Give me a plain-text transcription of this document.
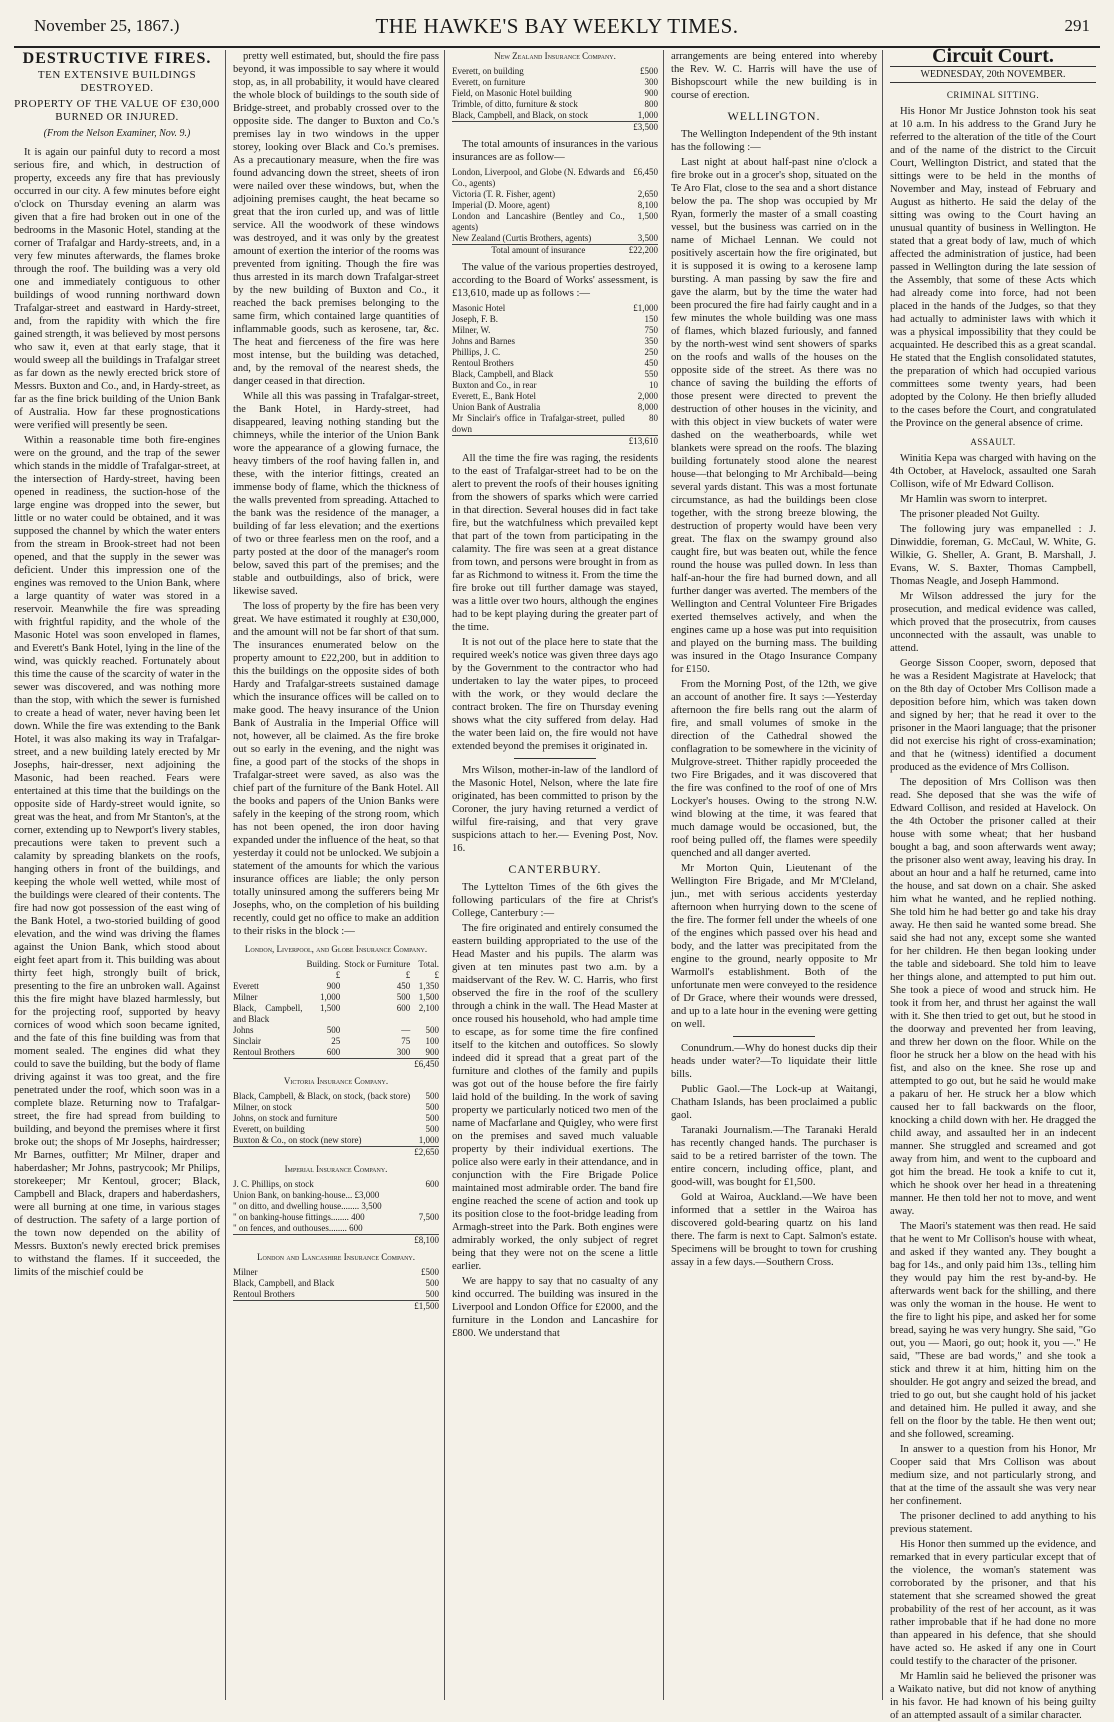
November 25, 1867.)	THE HAWKE'S BAY WEEKLY TIMES.	291
DESTRUCTIVE FIRES.
TEN EXTENSIVE BUILDINGS DESTROYED.
PROPERTY OF THE VALUE OF £30,000 BURNED OR INJURED.
(From the Nelson Examiner, Nov. 9.)

It is again our painful duty to record a most serious fire, and which, in destruction of property, exceeds any fire that has previously occurred in our city. A few minutes before eight o'clock on Thursday evening an alarm was given that a fire had broken out in one of the bedrooms in the Masonic Hotel, standing at the corner of Trafalgar and Hardy-streets, and, in a very few minutes afterwards, the flames broke through the roof. The building was a very old one and immediately contiguous to other buildings of wood running northward down Trafalgar-street and eastward in Hardy-street, and, from the rapidity with which the fire gained strength, it was believed by most persons who saw it, even at that early stage, that it would sweep all the buildings in Trafalgar street as far down as the newly erected brick store of Messrs. Buxton and Co., and, in Hardy-street, as far as the fine brick building of the Union Bank of Australia. How far these prognostications were verified will presently be seen.

Within a reasonable time both fire-engines were on the ground, and the trap of the sewer which stands in the middle of Trafalgar-street, at the intersection of Hardy-street, having been opened in readiness, the suction-hose of the large engine was dropped into the sewer, but little or no water could be obtained, and it was supposed the channel by which the water enters from the stream in Brook-street had not been opened, and that the supply in the sewer was deficient. Under this impression one of the engines was removed to the Union Bank, where a large quantity of water was stored in a reservoir. Meanwhile the fire was spreading with frightful rapidity, and the whole of the Masonic Hotel was soon enveloped in flames, and Everett's Bank Hotel, lying in the line of the wind, was quickly reached. Fortunately about this time the cause of the scarcity of water in the sewer was discovered, and was nothing more than the stop, with which the sewer is furnished to create a head of water, never having been let down. While the fire was extending to the Bank Hotel, it was also making its way in Trafalgar-street, and a new building lately erected by Mr Josephs, hair-dresser, next adjoining the Masonic, had been reached. Fears were entertained at this time that the buildings on the opposite side of Hardy-street would ignite, so great was the heat, and from Mr Stanton's, at the corner, extending up to Newport's livery stables, precautions were taken to prevent such a calamity by spreading blankets on the roofs, hanging others in front of the buildings, and keeping the whole well wetted, while most of the buildings were cleared of their contents. The fire had now got possession of the east wing of the Bank Hotel, a two-storied building of good elevation, and the wind was driving the flames against the Union Bank, which stood about eight feet apart from it. This building was about thirty feet high, strongly built of brick, presenting to the fire an unbroken wall. Against this the fire might have blazed harmlessly, but for the projecting roof, supported by heavy cornices of wood which soon became ignited, and the fate of this fine building was from that moment sealed. The engines did what they could to save the building, but the body of flame driving against it was too great, and the fire penetrated under the roof, which soon was in a complete blaze. Returning now to Trafalgar-street, the fire had spread from building to building, and beyond the premises where it first broke out; the shops of Mr Josephs, hairdresser; Mr Barnes, outfitter; Mr Milner, draper and haberdasher; Mr Johns, pastrycook; Mr Philips, storekeeper; Mr Kentoul, grocer; Black, Campbell and Black, drapers and haberdashers, were all burning at one time, in various stages of destruction. The safety of a large portion of the town now depended on the ability of Messrs. Buxton's newly erected brick premises to withstand the flames. If it succeeded, the limits of the mischief could be

pretty well estimated, but, should the fire pass beyond, it was impossible to say where it would stop, as, in all probability, it would have cleared the whole block of buildings to the south side of Bridge-street, and probably crossed over to the opposite side. The danger to Buxton and Co.'s premises lay in two windows in the upper storey, looking over Black and Co.'s premises. As a precautionary measure, when the fire was found advancing down the street, sheets of iron were nailed over these windows, but, when the adjoining premises caught, the heat became so great that the iron curled up, and was of little service. All the woodwork of these windows was destroyed, and it was only by the greatest amount of exertion the interior of the rooms was prevented from igniting. Though the fire was thus arrested in its march down Trafalgar-street by the new building of Buxton and Co., it reached the back premises belonging to the same firm, which contained large quantities of inflammable goods, such as kerosene, tar, &c. The heat and fierceness of the fire was here most intense, but the building was detached, and, by the removal of the nearest sheds, the danger ceased in that direction.

While all this was passing in Trafalgar-street, the Bank Hotel, in Hardy-street, had disappeared, leaving nothing standing but the chimneys, while the interior of the Union Bank wore the appearance of a glowing furnace, the heavy timbers of the roof having fallen in, and these, with the interior fittings, created an immense body of flame, which the thickness of the walls prevented from spreading. Attached to the bank was the residence of the manager, a building of far less elevation; and the exertions of two or three fearless men on the roof, and a party posted at the door of the manager's room below, saved this part of the premises; and the stable and outbuildings, also of brick, were likewise saved.

The loss of property by the fire has been very great. We have estimated it roughly at £30,000, and the amount will not be far short of that sum. The insurances enumerated below on the property amount to £22,200, but in addition to this the buildings on the opposite sides of both Hardy and Trafalgar-streets sustained damage which the insurance offices will be called on to make good. The heavy insurance of the Union Bank of Australia in the Imperial Office will not, however, all be claimed. As the fire broke out so early in the evening, and the night was fine, a good part of the stocks of the shops in Trafalgar-street were saved, as also was the chief part of the furniture of the Bank Hotel. All the books and papers of the Union Banks were safely in the keeping of the strong room, which has not been opened, the iron door having expanded under the influence of the heat, so that yesterday it could not be unlocked. We subjoin a statement of the amounts for which the various insurance offices are liable; the only person totally uninsured among the sufferers being Mr Josephs, who, on the completion of his building recently, could get no office to make an addition to their risks in the block :—

London, Liverpool, and Globe Insurance Company.
	Building.	Stock or Furniture	Total.
	£	£	£
Everett	900	450	1,350
Milner	1,000	500	1,500
Black, Campbell, and Black	1,500	600	2,100
Johns	500	—	500
Sinclair	25	75	100
Rentoul Brothers	600	300	900
			£6,450
Victoria Insurance Company.
Black, Campbell, & Black, on stock, (back store)	500
Milner, on stock	500
Johns, on stock and furniture	500
Everett, on building	500
Buxton & Co., on stock (new store)	1,000
	£2,650
Imperial Insurance Company.
J. C. Phillips, on stock	600
Union Bank, on banking-house... £3,000	
" on ditto, and dwelling house........ 3,500	
" on banking-house fittings........ 400	7,500
" on fences, and outhouses........ 600	
	£8,100
London and Lancashire Insurance Company.
Milner	£500
Black, Campbell, and Black	500
Rentoul Brothers	500
	£1,500
New Zealand Insurance Company.
Everett, on building	£500
Everett, on furniture	300
Field, on Masonic Hotel building	900
Trimble, of ditto, furniture & stock	800
Black, Campbell, and Black, on stock	1,000
	£3,500

The total amounts of insurances in the various insurances are as follow—

London, Liverpool, and Globe (N. Edwards and Co., agents)	£6,450
Victoria (T. R. Fisher, agent)	2,650
Imperial (D. Moore, agent)	8,100
London and Lancashire (Bentley and Co., agents)	1,500
New Zealand (Curtis Brothers, agents)	3,500
Total amount of insurance	£22,200

The value of the various properties destroyed, according to the Board of Works' assessment, is £13,610, made up as follows :—

Masonic Hotel	£1,000
Joseph, F. B.	150
Milner, W.	750
Johns and Barnes	350
Phillips, J. C.	250
Rentoul Brothers	450
Black, Campbell, and Black	550
Buxton and Co., in rear	10
Everett, E., Bank Hotel	2,000
Union Bank of Australia	8,000
Mr Sinclair's office in Trafalgar-street, pulled down	80
	£13,610

All the time the fire was raging, the residents to the east of Trafalgar-street had to be on the alert to prevent the roofs of their houses igniting from the showers of sparks which were carried in that direction. Several houses did in fact take fire, but the watchfulness which prevailed kept that part of the town from participating in the calamity. The fire was seen at a great distance from town, and persons were brought in from as far as Richmond to witness it. From the time the fire broke out till further damage was stayed, was a little over two hours, although the engines had to be kept playing during the greater part of the time.

It is not out of the place here to state that the required week's notice was given three days ago by the Government to the contractor who had undertaken to lay the water pipes, to proceed with the work, or they would declare the contract broken. The fire on Thursday evening shows what the city suffered from delay. Had the water been laid on, the fire would not have extended beyond the premises it originated in.

Mrs Wilson, mother-in-law of the landlord of the Masonic Hotel, Nelson, where the late fire originated, has been committed to prison by the Coroner, the jury having returned a verdict of wilful fire-raising, and that very grave suspicions attach to her.— Evening Post, Nov. 16.

CANTERBURY.

The Lyttelton Times of the 6th gives the following particulars of the fire at Christ's College, Canterbury :—

The fire originated and entirely consumed the eastern building appropriated to the use of the Head Master and his pupils. The alarm was given at ten minutes past two a.m. by a maidservant of the Rev. W. C. Harris, who first observed the fire in the roof of the scullery through a chink in the wall. The Head Master at once roused his household, who had ample time to escape, as for some time the fire confined itself to the kitchen and outoffices. So slowly indeed did it spread that a great part of the furniture and clothes of the family and pupils was got out of the house before the fire fairly laid hold of the building. In the work of saving property we particularly noticed two men of the name of Macfarlane and Quigley, who were first on the premises and saved much valuable property by their individual exertions. The police also were early in their attendance, and in conjunction with the Fire Brigade Police maintained most admirable order. The band fire engine reached the scene of action and took up its position close to the foot-bridge leading from Armagh-street into the Park. Both engines were admirably worked, the only subject of regret being that they were not on the scene a little earlier.

We are happy to say that no casualty of any kind occurred. The building was insured in the Liverpool and London Office for £2000, and the furniture in the London and Lancashire for £800. We understand that

arrangements are being entered into whereby the Rev. W. C. Harris will have the use of Bishopscourt while the new building is in course of erection.

WELLINGTON.

The Wellington Independent of the 9th instant has the following :—

Last night at about half-past nine o'clock a fire broke out in a grocer's shop, situated on the Te Aro Flat, close to the sea and a short distance below the pa. The shop was occupied by Mr Ryan, formerly the master of a small coasting vessel, but the business was carried on in the name of Michael Lennan. We could not positively ascertain how the fire originated, but it is supposed it is owing to a kerosene lamp bursting. A man passing by saw the fire and gave the alarm, but by the time the water had been procured the fire had fairly caught and in a few minutes the whole building was one mass of flames, which blazed furiously, and fanned by the north-west wind sent showers of sparks on the roofs and walls of the houses on the opposite side of the street. As there was no chance of saving the building the efforts of those present were directed to prevent the destruction of other houses in the vicinity, and with this object in view buckets of water were dashed on the weatherboards, while wet blankets were spread on the roofs. The blazing building fortunately stood alone the nearest house—that belonging to Mr Archibald—being several yards distant. This was a most fortunate circumstance, as had the buildings been close together, with the strong breeze blowing, the destruction of property would have been very great. The flax on the swampy ground also caught fire, but was beaten out, while the fence round the house was pulled down. In less than half-an-hour the fire had burned down, and all further danger was averted. The members of the Wellington and Central Volunteer Fire Brigades exerted themselves actively, and when the engines came up a hose was put into requisition and played on the burning mass. The building was insured in the Otago Insurance Company for £150.

From the Morning Post, of the 12th, we give an account of another fire. It says :—Yesterday afternoon the fire bells rang out the alarm of fire, and small volumes of smoke in the direction of the Cathedral showed the conflagration to be somewhere in the vicinity of Mulgrove-street. Thither rapidly proceeded the two Fire Brigades, and it was discovered that the fire was confined to the roof of one of Mrs Lockyer's houses. Owing to the strong N.W. wind blowing at the time, it was feared that much damage would be occasioned, but, the roof being pulled off, the flames were speedily quenched and all danger averted.

Mr Morton Quin, Lieutenant of the Wellington Fire Brigade, and Mr M'Cleland, jun., met with serious accidents yesterday afternoon when hurrying down to the scene of the fire. The former fell under the wheels of one of the engines which passed over his head and body, and the latter was precipitated from the engine to the ground, nearly opposite to Mr Warmoll's establishment. Both of the unfortunate men were conveyed to the residence of Dr Grace, where their wounds were dressed, and up to a late hour in the evening were getting on well.

Conundrum.—Why do honest ducks dip their heads under water?—To liquidate their little bills.

Public Gaol.—The Lock-up at Waitangi, Chatham Islands, has been proclaimed a public gaol.

Taranaki Journalism.—The Taranaki Herald has recently changed hands. The purchaser is said to be a retired barrister of the town. The entire concern, including office, plant, and good-will, was bought for £1,500.

Gold at Wairoa, Auckland.—We have been informed that a settler in the Wairoa has discovered gold-bearing quartz on his land there. The farm is next to Capt. Salmon's estate. Specimens will be brought to town for crushing assay in a few days.—Southern Cross.

Circuit Court.
WEDNESDAY, 20th NOVEMBER.
CRIMINAL SITTING.

His Honor Mr Justice Johnston took his seat at 10 a.m. In his address to the Grand Jury he referred to the alteration of the title of the Court and of the name of the district to the Circuit Court, Wellington District, and stated that the sittings were to be held in the months of November and May, instead of February and August as hitherto. He said the delay of the sitting was owing to the Court having an unusual quantity of business in Wellington. He stated that a great body of law, much of which affected the administration of justice, had been passed in Wellington during the late session of the Assembly, that some of these Acts which had already come into force, had not been placed in the hands of the Judges, so that they had actually to administer laws with which it was a physical impossibility that they could be acquainted. He described this as a great scandal. He stated that the English consolidated statutes, the preparation of which had occupied various committees some twenty years, had been adopted by the Colony. He then briefly alluded to the cases before the Court, and congratulated the Province on the general absence of crime.

ASSAULT.

Winitia Kepa was charged with having on the 4th October, at Havelock, assaulted one Sarah Collison, wife of Mr Edward Collison.

Mr Hamlin was sworn to interpret.

The prisoner pleaded Not Guilty.

The following jury was empanelled : J. Dinwiddie, foreman, G. McCaul, W. White, G. Wilkie, G. Sheller, A. Grant, B. Marshall, J. Evans, W. S. Baxter, Thomas Campbell, Thomas Neagle, and Joseph Hammond.

Mr Wilson addressed the jury for the prosecution, and medical evidence was called, which proved that the prosecutrix, from causes unconnected with the assault, was unable to attend.

George Sisson Cooper, sworn, deposed that he was a Resident Magistrate at Havelock; that on the 8th day of October Mrs Collison made a deposition before him, which was taken down and signed by her; that he read it over to the prisoner in the Maori language; that the prisoner did not exercise his right of cross-examination; and that he (witness) identified a document produced as the evidence of Mrs Collison.

The deposition of Mrs Collison was then read. She deposed that she was the wife of Edward Collison, and resided at Havelock. On the 4th October the prisoner called at their house with some wheat; that her husband bought a bag, and soon afterwards went away; the prisoner also went away, leaving his dray. In about an hour and a half he returned, came into the house, and sat down on a chair. She asked him what he wanted, and he replied nothing. She told him he had better go and take his dray away. He then said he wanted some bread. She said she had not any, except some she wanted for her children. He then began looking under the table and sideboard. She told him to leave her things alone, and attempted to put him out. She took a piece of wood and struck him. He took it from her, and thrust her against the wall with it. She then tried to get out, but he stood in the doorway and prevented her from leaving, and threw her down on the floor. While on the floor he struck her a blow on the head with his fist, and also on the knee. She rose up and attempted to go out, but he said he would make a pakaru of her. He struck her a blow which caused her to fall backwards on the floor, knocking a child down with her. He dragged the child away, and assaulted her in an indecent manner. She struggled and screamed and got away from him, and went to the cupboard and got him the bread. He took a knife to cut it, which he shook over her head in a threatening manner. He then told her not to move, and went away.

The Maori's statement was then read. He said that he went to Mr Collison's house with wheat, and asked if they wanted any. They bought a bag for 14s., and only paid him 13s., telling him they would pay him the rest by-and-by. He afterwards went back for the shilling, and there was only the woman in the house. He went to the fire to light his pipe, and asked her for some bread, saying he was very hungry. She said, "Go out, you — Maori, go out; hook it, you —." He said, "These are bad words," and she took a stick and threw it at him, hitting him on the shoulder. He got angry and seized the bread, and tried to go out, but she caught hold of his jacket and detained him. He pulled it away, and she fell on the floor by the table. He then went out; and she followed, screaming.

In answer to a question from his Honor, Mr Cooper said that Mrs Collison was about medium size, and not particularly strong, and that at the time of the assault she was very near her confinement.

The prisoner declined to add anything to his previous statement.

His Honor then summed up the evidence, and remarked that in every particular except that of the violence, the woman's statement was corroborated by the prisoner, and that his statement that she screamed showed the great probability of the rest of her account, as it was rather improbable that if he had done no more than appeared in his defence, that she should have acted so. He asked if any one in Court could testify to the character of the prisoner.

Mr Hamlin said he believed the prisoner was a Waikato native, but did not know of anything in his favor. He had known of his being guilty of an attempted assault of a similar character.
